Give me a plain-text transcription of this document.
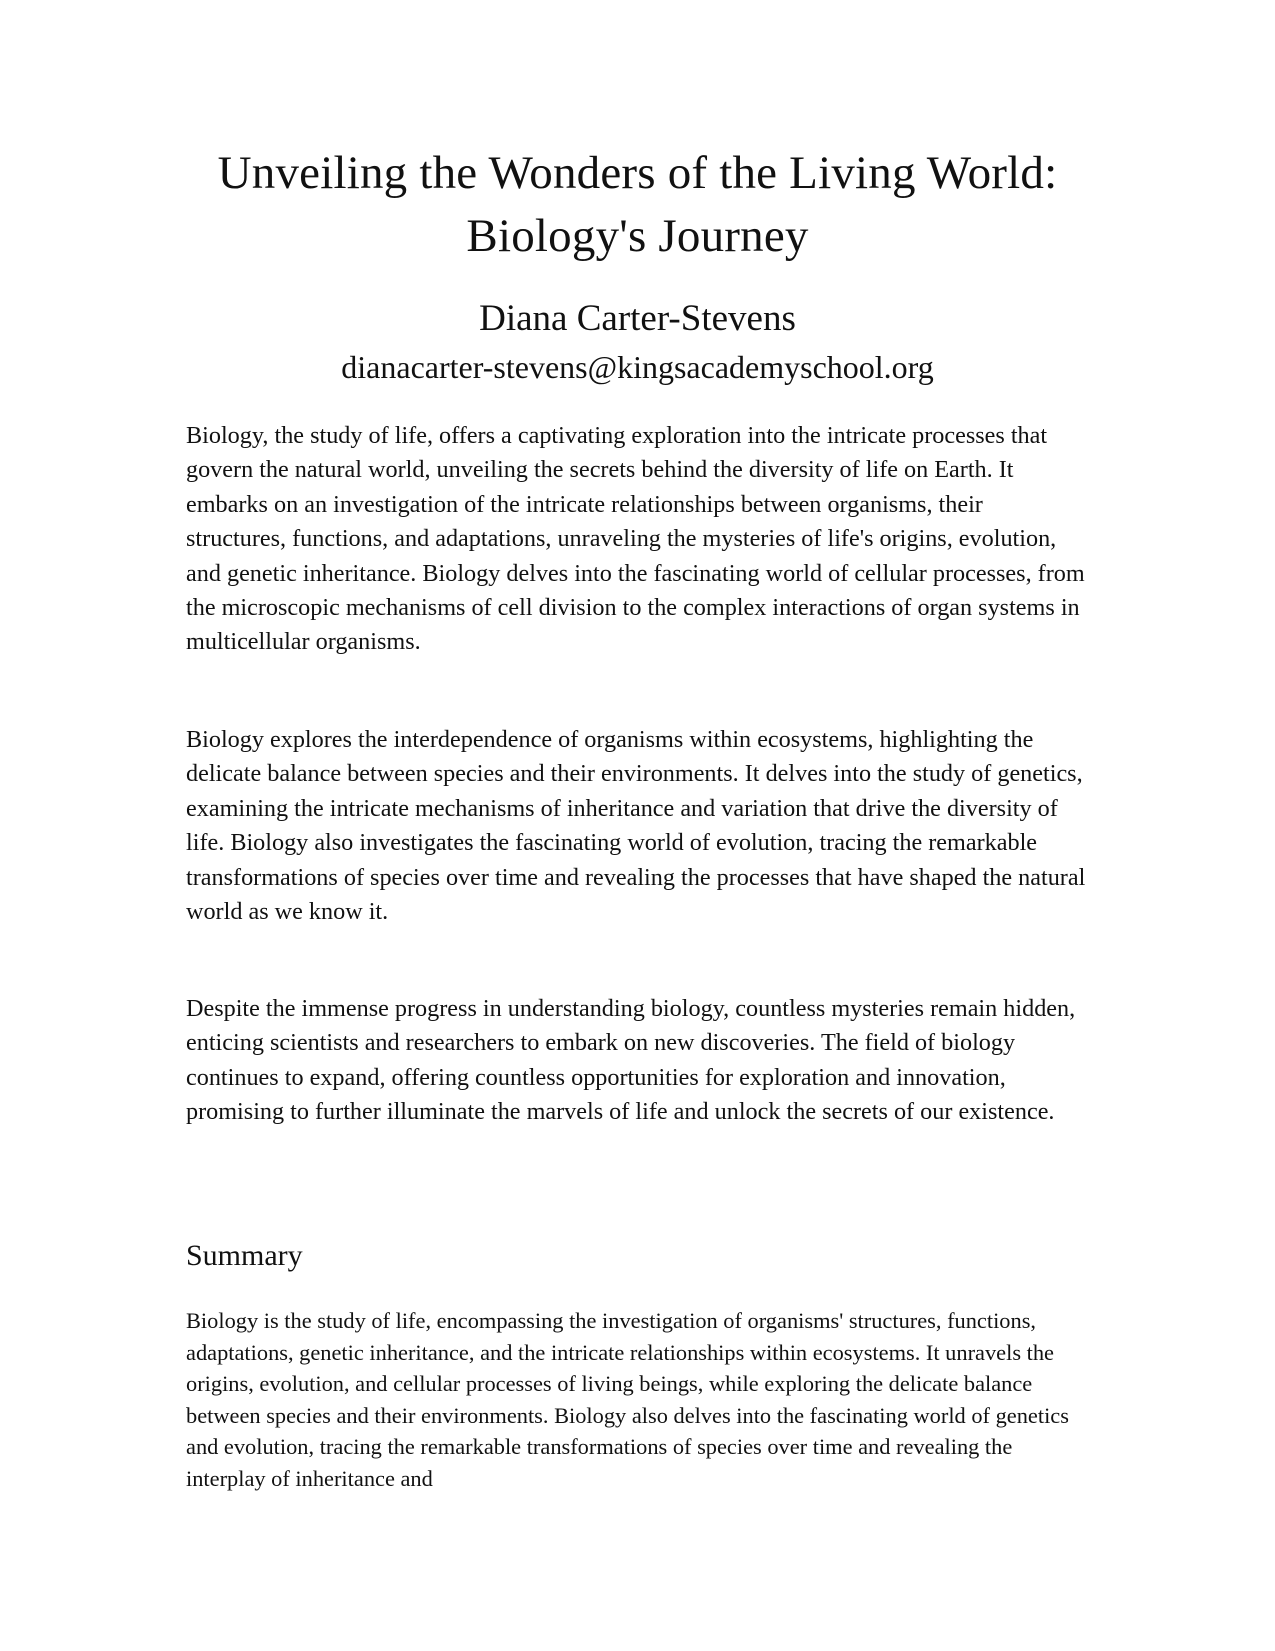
Unveiling the Wonders of the Living World: Biology's Journey

Diana Carter-Stevens

dianacarter-stevens@kingsacademyschool.org

Biology, the study of life, offers a captivating exploration into the intricate processes that govern the natural world, unveiling the secrets behind the diversity of life on Earth. It embarks on an investigation of the intricate relationships between organisms, their structures, functions, and adaptations, unraveling the mysteries of life's origins, evolution, and genetic inheritance. Biology delves into the fascinating world of cellular processes, from the microscopic mechanisms of cell division to the complex interactions of organ systems in multicellular organisms.

Biology explores the interdependence of organisms within ecosystems, highlighting the delicate balance between species and their environments. It delves into the study of genetics, examining the intricate mechanisms of inheritance and variation that drive the diversity of life. Biology also investigates the fascinating world of evolution, tracing the remarkable transformations of species over time and revealing the processes that have shaped the natural world as we know it.

Despite the immense progress in understanding biology, countless mysteries remain hidden, enticing scientists and researchers to embark on new discoveries. The field of biology continues to expand, offering countless opportunities for exploration and innovation, promising to further illuminate the marvels of life and unlock the secrets of our existence.

Summary

Biology is the study of life, encompassing the investigation of organisms' structures, functions, adaptations, genetic inheritance, and the intricate relationships within ecosystems. It unravels the origins, evolution, and cellular processes of living beings, while exploring the delicate balance between species and their environments. Biology also delves into the fascinating world of genetics and evolution, tracing the remarkable transformations of species over time and revealing the interplay of inheritance and
